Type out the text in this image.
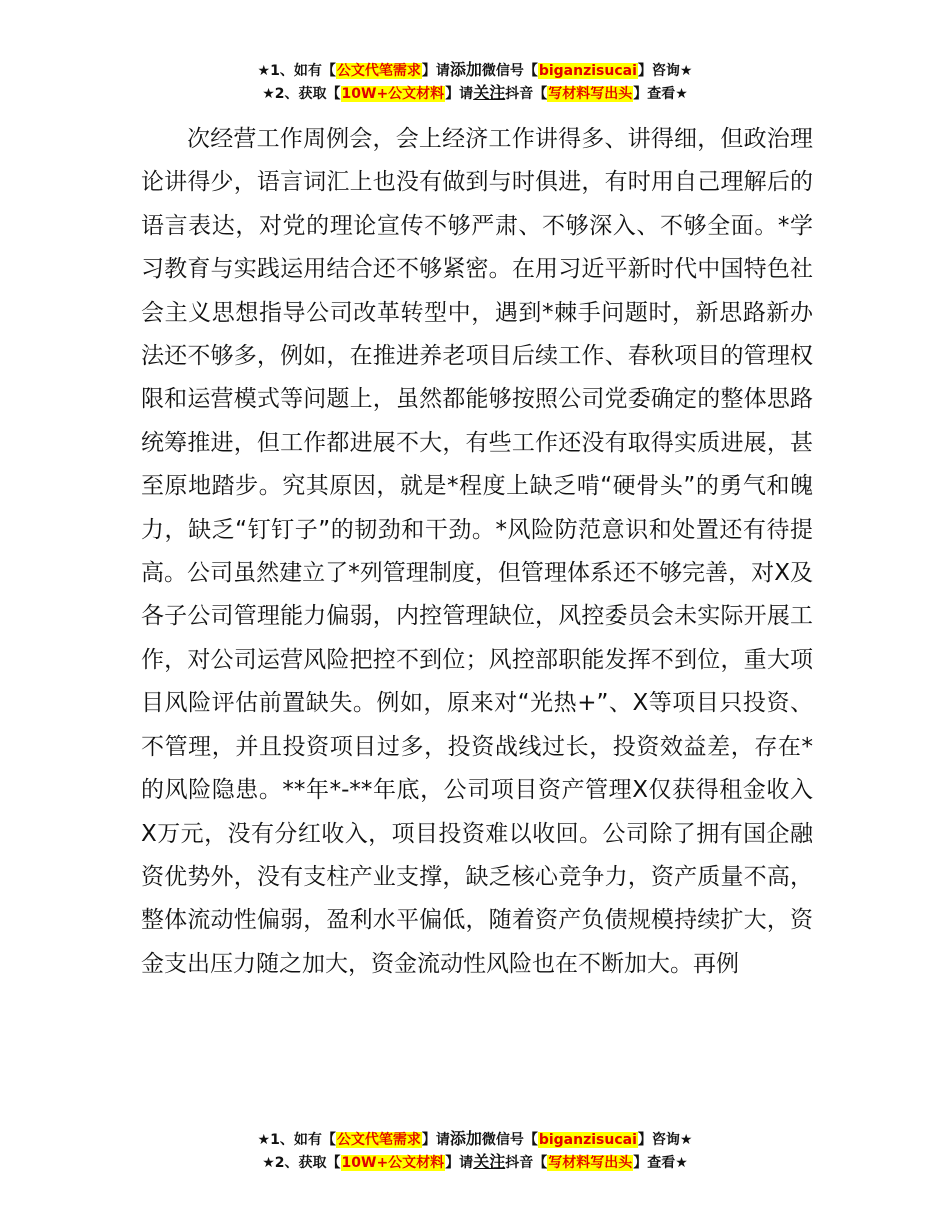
★1、如有【公文代笔需求】请添加微信号【biganzisucai】咨询★
★2、获取【10W+公文材料】请关注抖音【写材料写出头】查看★

次经营工作周例会，会上经济工作讲得多、讲得细，但政治理论讲得少，语言词汇上也没有做到与时俱进，有时用自己理解后的语言表达，对党的理论宣传不够严肃、不够深入、不够全面。*学习教育与实践运用结合还不够紧密。在用习近平新时代中国特色社会主义思想指导公司改革转型中，遇到*棘手问题时，新思路新办法还不够多，例如，在推进养老项目后续工作、春秋项目的管理权限和运营模式等问题上，虽然都能够按照公司党委确定的整体思路统筹推进，但工作都进展不大，有些工作还没有取得实质进展，甚至原地踏步。究其原因，就是*程度上缺乏啃“硬骨头”的勇气和魄力，缺乏“钉钉子”的韧劲和干劲。*风险防范意识和处置还有待提高。公司虽然建立了*列管理制度，但管理体系还不够完善，对X及各子公司管理能力偏弱，内控管理缺位，风控委员会未实际开展工作，对公司运营风险把控不到位；风控部职能发挥不到位，重大项目风险评估前置缺失。例如，原来对“光热+”、X等项目只投资、不管理，并且投资项目过多，投资战线过长，投资效益差，存在*的风险隐患。**年*-**年底，公司项目资产管理X仅获得租金收入X万元，没有分红收入，项目投资难以收回。公司除了拥有国企融资优势外，没有支柱产业支撑，缺乏核心竞争力，资产质量不高，整体流动性偏弱，盈利水平偏低，随着资产负债规模持续扩大，资金支出压力随之加大，资金流动性风险也在不断加大。再例

★1、如有【公文代笔需求】请添加微信号【biganzisucai】咨询★
★2、获取【10W+公文材料】请关注抖音【写材料写出头】查看★
